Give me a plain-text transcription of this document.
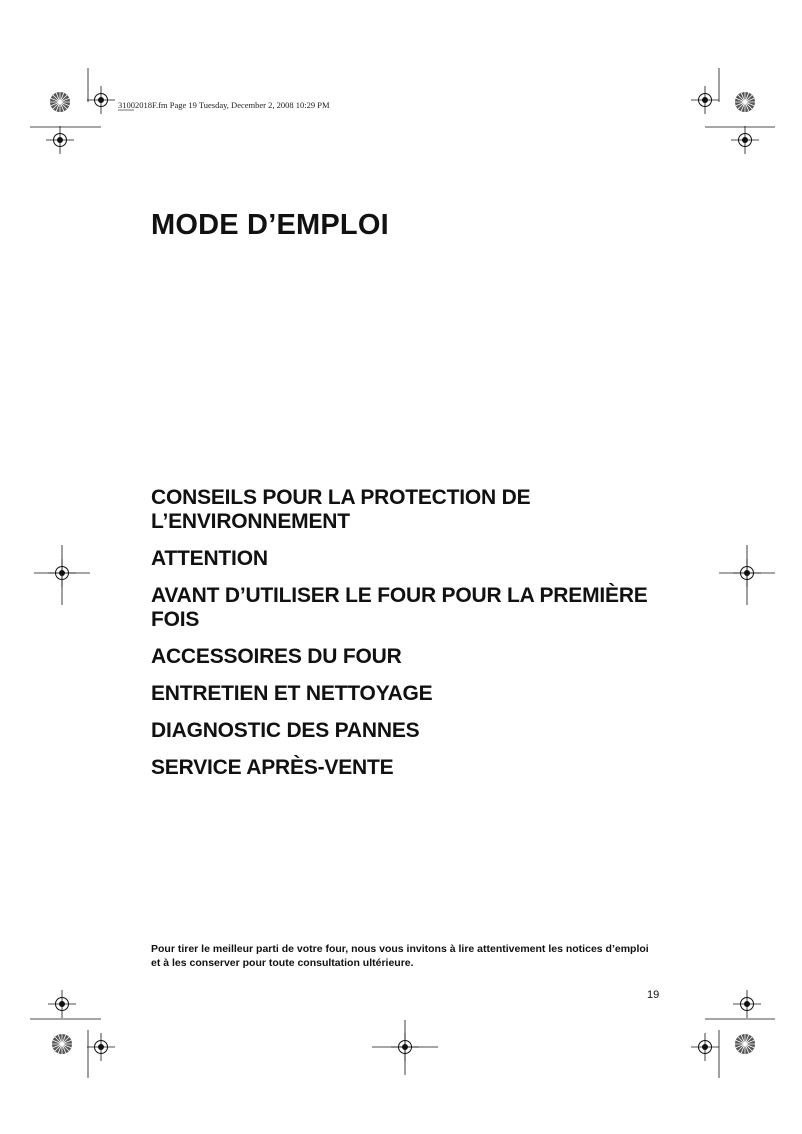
31002018F.fm Page 19 Tuesday, December 2, 2008 10:29 PM
MODE D’EMPLOI
CONSEILS POUR LA PROTECTION DE L’ENVIRONNEMENT
ATTENTION
AVANT D’UTILISER LE FOUR POUR LA PREMIÈRE FOIS
ACCESSOIRES DU FOUR
ENTRETIEN ET NETTOYAGE
DIAGNOSTIC DES PANNES
SERVICE APRÈS-VENTE

Pour tirer le meilleur parti de votre four, nous vous invitons à lire attentivement les notices d’emploi et à les conserver pour toute consultation ultérieure.

19
